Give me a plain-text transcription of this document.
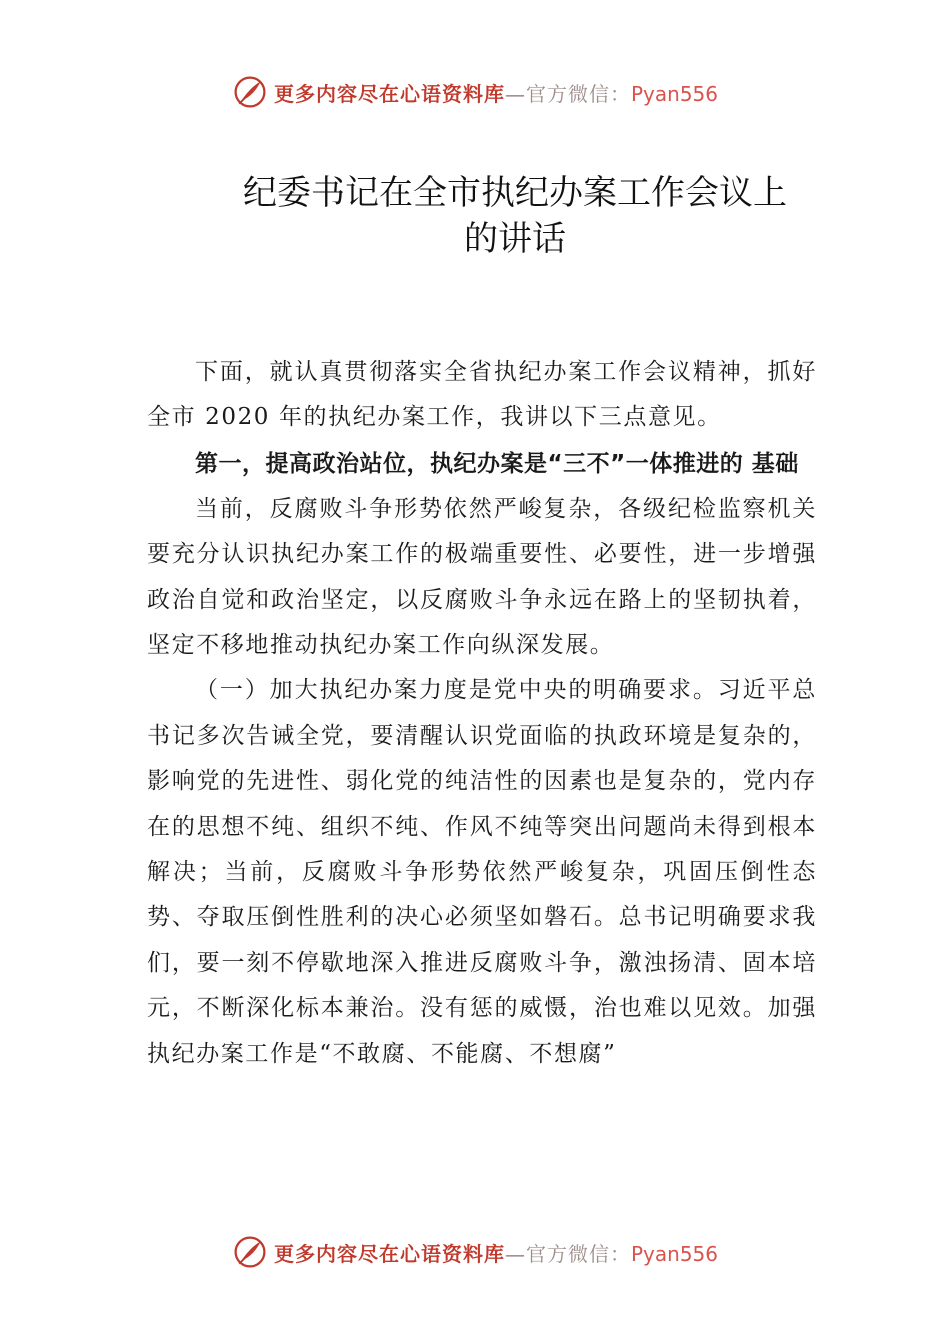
更多内容尽在心语资料库—官方微信：Pyan556
纪委书记在全市执纪办案工作会议上
的讲话

下面，就认真贯彻落实全省执纪办案工作会议精神，抓好全市 2020 年的执纪办案工作，我讲以下三点意见。

第一，提高政治站位，执纪办案是“三不”一体推进的 基础

当前，反腐败斗争形势依然严峻复杂，各级纪检监察机关要充分认识执纪办案工作的极端重要性、必要性，进一步增强政治自觉和政治坚定，以反腐败斗争永远在路上的坚韧执着，坚定不移地推动执纪办案工作向纵深发展。

（一）加大执纪办案力度是党中央的明确要求。习近平总书记多次告诫全党，要清醒认识党面临的执政环境是复杂的，影响党的先进性、弱化党的纯洁性的因素也是复杂的，党内存在的思想不纯、组织不纯、作风不纯等突出问题尚未得到根本解决；当前，反腐败斗争形势依然严峻复杂，巩固压倒性态势、夺取压倒性胜利的决心必须坚如磐石。总书记明确要求我们，要一刻不停歇地深入推进反腐败斗争，激浊扬清、固本培元，不断深化标本兼治。没有惩的威慑，治也难以见效。加强执纪办案工作是“不敢腐、不能腐、不想腐”

更多内容尽在心语资料库—官方微信：Pyan556
